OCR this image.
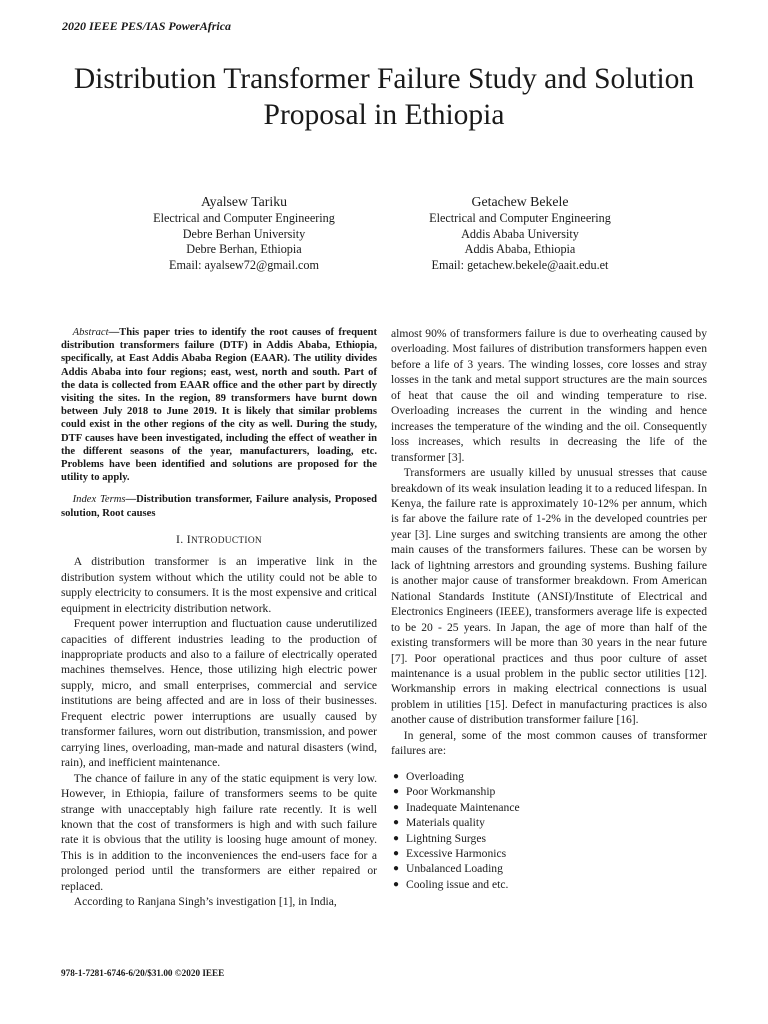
2020 IEEE PES/IAS PowerAfrica
Distribution Transformer Failure Study and Solution
Proposal in Ethiopia
Ayalsew Tariku
Electrical and Computer Engineering
Debre Berhan University
Debre Berhan, Ethiopia
Email: ayalsew72@gmail.com
Getachew Bekele
Electrical and Computer Engineering
Addis Ababa University
Addis Ababa, Ethiopia
Email: getachew.bekele@aait.edu.et

Abstract—This paper tries to identify the root causes of frequent distribution transformers failure (DTF) in Addis Ababa, Ethiopia, specifically, at East Addis Ababa Region (EAAR). The utility divides Addis Ababa into four regions; east, west, north and south. Part of the data is collected from EAAR office and the other part by directly visiting the sites. In the region, 89 transformers have burnt down between July 2018 to June 2019. It is likely that similar problems could exist in the other regions of the city as well. During the study, DTF causes have been investigated, including the effect of weather in the different seasons of the year, manufacturers, loading, etc. Problems have been identified and solutions are proposed for the utility to apply.

Index Terms—Distribution transformer, Failure analysis, Proposed solution, Root causes

I. INTRODUCTION

A distribution transformer is an imperative link in the distribution system without which the utility could not be able to supply electricity to consumers. It is the most expensive and critical equipment in electricity distribution network.

Frequent power interruption and fluctuation cause underutilized capacities of different industries leading to the production of inappropriate products and also to a failure of electrically operated machines themselves. Hence, those utilizing high electric power supply, micro, and small enterprises, commercial and service institutions are being affected and are in loss of their businesses. Frequent electric power interruptions are usually caused by transformer failures, worn out distribution, transmission, and power carrying lines, overloading, man-made and natural disasters (wind, rain), and inefficient maintenance.

The chance of failure in any of the static equipment is very low. However, in Ethiopia, failure of transformers seems to be quite strange with unacceptably high failure rate recently. It is well known that the cost of transformers is high and with such failure rate it is obvious that the utility is loosing huge amount of money. This is in addition to the inconveniences the end-users face for a prolonged period until the transformers are either repaired or replaced.

According to Ranjana Singh’s investigation [1], in India,

almost 90% of transformers failure is due to overheating caused by overloading. Most failures of distribution transformers happen even before a life of 3 years. The winding losses, core losses and stray losses in the tank and metal support structures are the main sources of heat that cause the oil and winding temperature to rise. Overloading increases the current in the winding and hence increases the temperature of the winding and the oil. Consequently loss increases, which results in decreasing the life of the transformer [3].

Transformers are usually killed by unusual stresses that cause breakdown of its weak insulation leading it to a reduced lifespan. In Kenya, the failure rate is approximately 10-12% per annum, which is far above the failure rate of 1-2% in the developed countries per year [3]. Line surges and switching transients are among the other main causes of the transformers failures. These can be worsen by lack of lightning arrestors and grounding systems. Bushing failure is another major cause of transformer breakdown. From American National Standards Institute (ANSI)/Institute of Electrical and Electronics Engineers (IEEE), transformers average life is expected to be 20 - 25 years. In Japan, the age of more than half of the existing transformers will be more than 30 years in the near future [7]. Poor operational practices and thus poor culture of asset maintenance is a usual problem in the public sector utilities [12]. Workmanship errors in making electrical connections is usual problem in utilities [15]. Defect in manufacturing practices is also another cause of distribution transformer failure [16].

In general, some of the most common causes of transformer failures are:

● Overloading
● Poor Workmanship
● Inadequate Maintenance
● Materials quality
● Lightning Surges
● Excessive Harmonics
● Unbalanced Loading
● Cooling issue and etc.
978-1-7281-6746-6/20/$31.00 ©2020 IEEE
